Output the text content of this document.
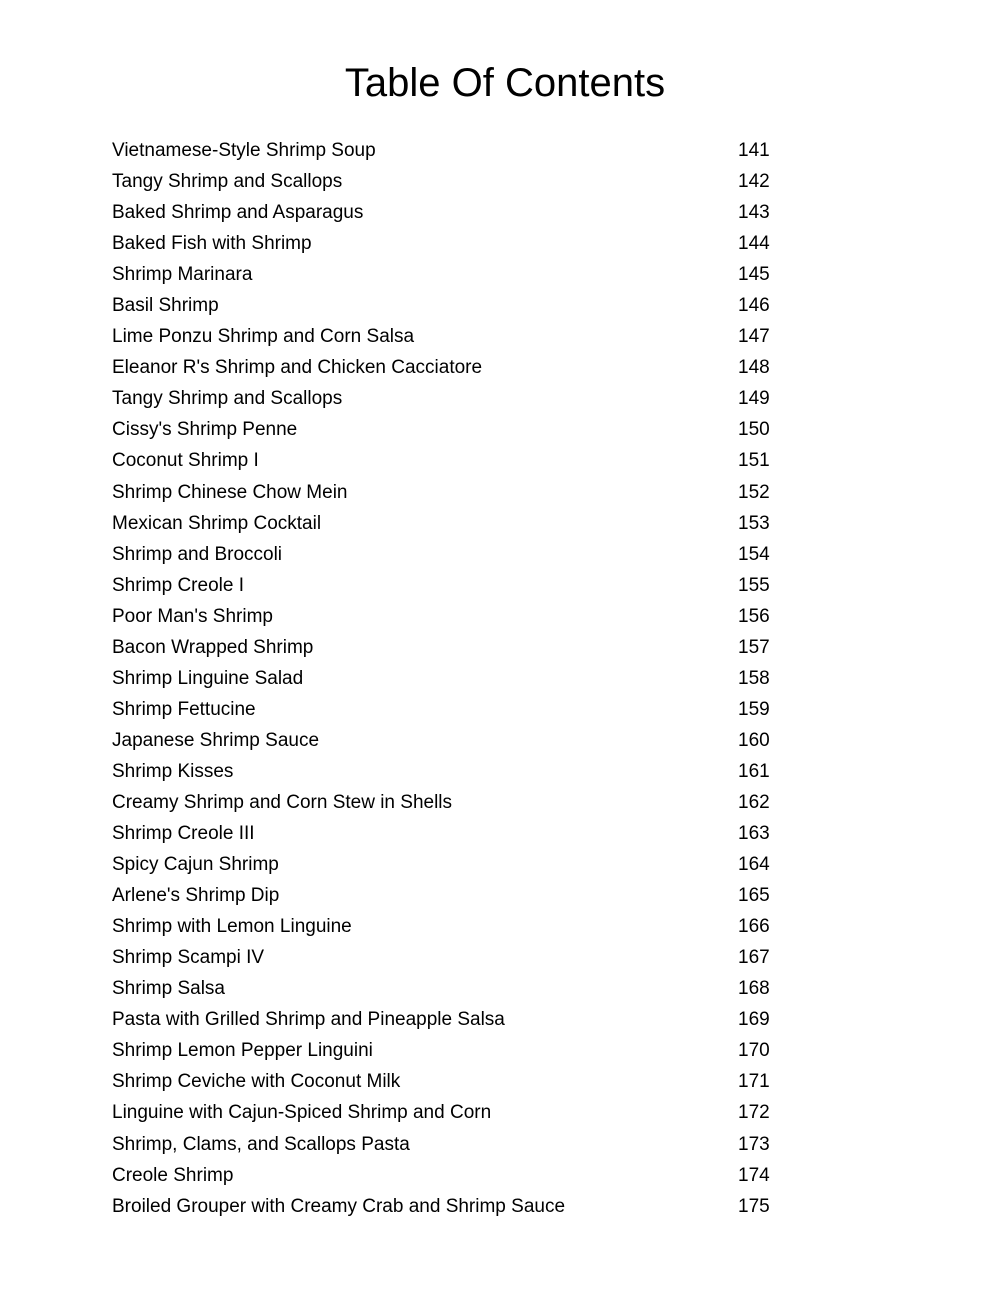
Table Of Contents
Vietnamese-Style Shrimp Soup	141
Tangy Shrimp and Scallops	142
Baked Shrimp and Asparagus	143
Baked Fish with Shrimp	144
Shrimp Marinara	145
Basil Shrimp	146
Lime Ponzu Shrimp and Corn Salsa	147
Eleanor R's Shrimp and Chicken Cacciatore	148
Tangy Shrimp and Scallops	149
Cissy's Shrimp Penne	150
Coconut Shrimp I	151
Shrimp Chinese Chow Mein	152
Mexican Shrimp Cocktail	153
Shrimp and Broccoli	154
Shrimp Creole I	155
Poor Man's Shrimp	156
Bacon Wrapped Shrimp	157
Shrimp Linguine Salad	158
Shrimp Fettucine	159
Japanese Shrimp Sauce	160
Shrimp Kisses	161
Creamy Shrimp and Corn Stew in Shells	162
Shrimp Creole III	163
Spicy Cajun Shrimp	164
Arlene's Shrimp Dip	165
Shrimp with Lemon Linguine	166
Shrimp Scampi IV	167
Shrimp Salsa	168
Pasta with Grilled Shrimp and Pineapple Salsa	169
Shrimp Lemon Pepper Linguini	170
Shrimp Ceviche with Coconut Milk	171
Linguine with Cajun-Spiced Shrimp and Corn	172
Shrimp, Clams, and Scallops Pasta	173
Creole Shrimp	174
Broiled Grouper with Creamy Crab and Shrimp Sauce	175
